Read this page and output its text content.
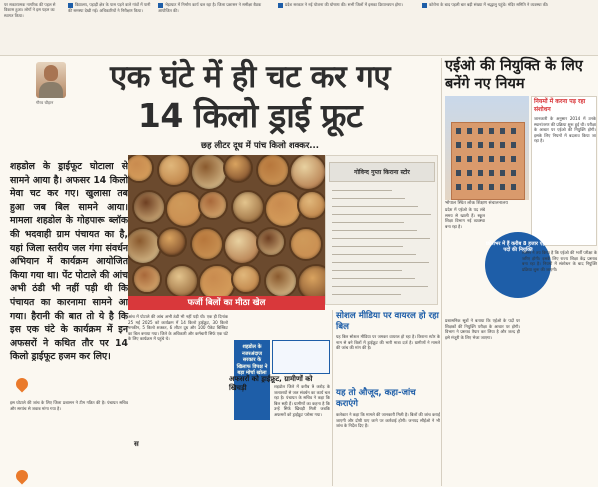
पर सकारात्मक नागरिक की पहल से विकास हुआ। लोगों ने इस पहल का स्वागत किया।
विद्यालय, पहाड़ी क्षेत्र के पास पड़ने वाले गांवों में पानी की समस्या देखी गई। अधिकारियों ने निरीक्षण किया।
भेड़ाघाट में निर्माण कार्य चल रहा है। जिला प्रशासन ने समीक्षा बैठक आयोजित की।
प्रदेश सरकार ने नई योजना की घोषणा की। सभी जिलों में इसका क्रियान्वयन होगा।	कोरोना के बाद पहली बार बड़ी संख्या में श्रद्धालु पहुंचे। मंदिर समिति ने व्यवस्था की।
गौरव चौहान
एक घंटे में ही चट कर गए
14 किलो ड्राई फ्रूट
छह लीटर दूध में पांच किलो शक्कर...
शहडोल के ड्राईफूट घोटाला से सामने आया है। अफसर 14 किलो मेवा चट कर गए। खुलासा तब हुआ जब बिल सामने आया। मामला शहडोल के गोहपारू ब्लॉक की भदवाही ग्राम पंचायत का है, यहां जिला स्तरीय जल गंगा संवर्धन अभियान में कार्यक्रम आयोजित किया गया था। पेंट पोटाले की आंच अभी ठंडी भी नहीं पड़ी थी कि पंचायत का कारनामा सामने आ गया। हैरानी की बात तो ये है कि इस एक घंटे के कार्यक्रम में इन अफसरों ने कथित तौर पर 14 किलो ड्राईफूट हजम कर लिए।
फर्जी बिलों का मीठा खेल
गोविन्द गुप्ता किराना स्टोर

आंच में पोटाले की आंच अभी ठंडी भी नहीं पड़ी थी। एक ही दिनांक 25 मई 2025 को कार्यक्रम में 14 किलो ड्राईफ्रूट, 30 किलो नमकीन, 5 किलो शक्कर, 6 लीटर दूध और 100 पैकेट बिस्किट का बिल बनाया गया। जिले के अधिकारी और कर्मचारी सिर्फ एक घंटे के लिए कार्यक्रम में पहुंचे थे।

स

शहडोल जिले में करीब 9 करोड़ के जलाशयों से जल संवर्धन का कार्य चल रहा है। पंचायत के सचिव ने कहा कि बिल सही हैं। ग्रामीणों का कहना है कि उन्हें सिर्फ खिचड़ी मिली जबकि अफसरों को ड्राईफ्रूट परोसा गया।

शहडोल के नजरअंदाज सरकार के खिलाफ विपक्ष ने बड़ा मोर्चा खोला
अफसरों को ड्राईफ्रूट, ग्रामीणों को खिचड़ी
सोशल मीडिया पर वायरल हो रहा बिल
यह बिल सोशल मीडिया पर जमकर वायरल हो रहा है। किराना स्टोर के नाम से बने बिलों में ड्राईफ्रूट की भारी मात्रा दर्ज है। ग्रामीणों ने मामले की जांच की मांग की है।
यह तो औजूद, कहा-जांच कराएंगे
कलेक्टर ने कहा कि मामले की जानकारी मिली है। बिलों की जांच कराई जाएगी और दोषी पाए जाने पर कार्रवाई होगी। जनपद सीईओ ने भी जांच के निर्देश दिए हैं।
एईओ की नियुक्ति के लिए बनेंगे नए नियम
भोपाल स्थित लोक शिक्षण संचालनालय
नियमों में करना पड़ रहा संशोधन
जानकारी के अनुसार 2014 में उनके स्थानांतरण की प्रक्रिया शुरू हुई थी। परीक्षा के आधार पर एईओ की नियुक्ति होगी। इसके लिए नियमों में बदलाव किया जा रहा है।
प्रदेश में एईओ के पद लंबे समय से खाली हैं। स्कूल शिक्षा विभाग नई व्यवस्था बना रहा है।
प्रदेशभर में हैं करीब 8 हजार एईओ पदों की नियुक्ति
प्रशासनिक सूत्रों ने बताया कि एईओ के पदों पर शिक्षकों की नियुक्ति परीक्षा के आधार पर होगी। विभाग ने प्रस्ताव तैयार कर लिया है और जल्द ही इसे मंजूरी के लिए भेजा जाएगा।
शासन ने तय किया है कि एईओ की भर्ती परीक्षा के जरिए होगी। इसके लिए राज्य शिक्षा केंद्र प्रस्ताव बना रहा है। नियमों में संशोधन के बाद नियुक्ति प्रक्रिया शुरू की जाएगी।
इस घोटाले की जांच के लिए जिला प्रशासन ने टीम गठित की है। पंचायत सचिव और सरपंच से जवाब मांगा गया है।
